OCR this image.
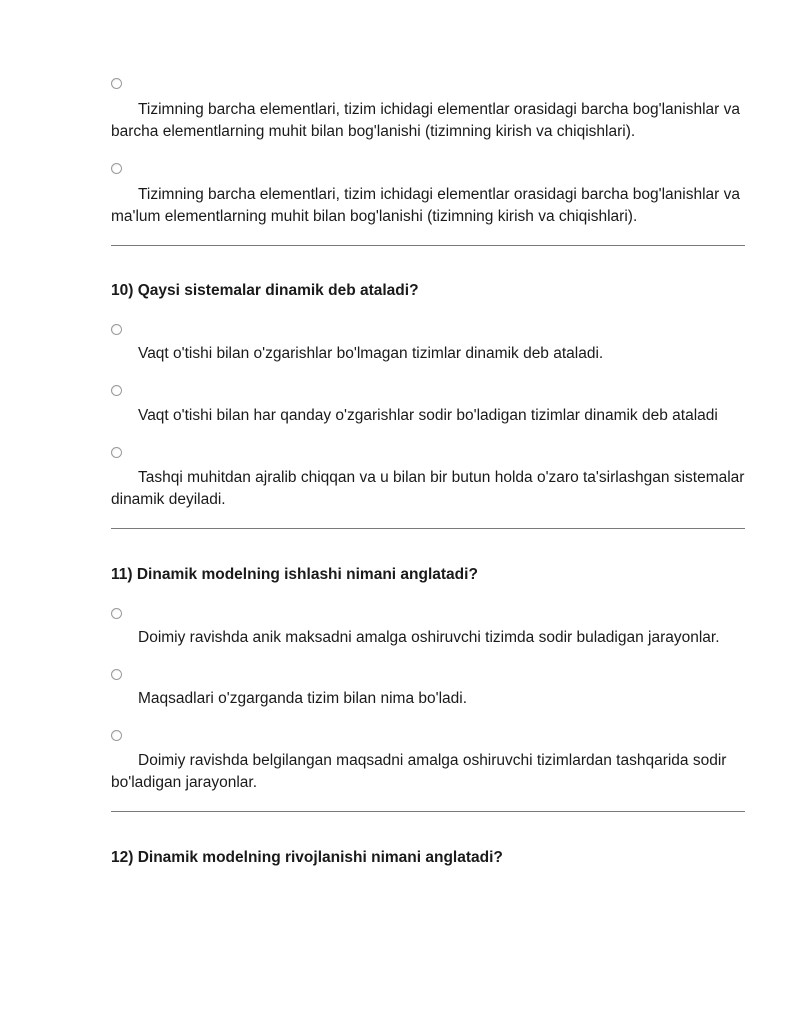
Tizimning barcha elementlari, tizim ichidagi elementlar orasidagi barcha bog'lanishlar va barcha elementlarning muhit bilan bog'lanishi (tizimning kirish va chiqishlari).

Tizimning barcha elementlari, tizim ichidagi elementlar orasidagi barcha bog'lanishlar va ma'lum elementlarning muhit bilan bog'lanishi (tizimning kirish va chiqishlari).

10) Qaysi sistemalar dinamik deb ataladi?

Vaqt o'tishi bilan o'zgarishlar bo'lmagan tizimlar dinamik deb ataladi.

Vaqt o'tishi bilan har qanday o'zgarishlar sodir bo'ladigan tizimlar dinamik deb ataladi

Tashqi muhitdan ajralib chiqqan va u bilan bir butun holda o'zaro ta'sirlashgan sistemalar dinamik deyiladi.

11) Dinamik modelning ishlashi nimani anglatadi?

Doimiy ravishda anik maksadni amalga oshiruvchi tizimda sodir buladigan jarayonlar.

Maqsadlari o'zgarganda tizim bilan nima bo'ladi.

Doimiy ravishda belgilangan maqsadni amalga oshiruvchi tizimlardan tashqarida sodir bo'ladigan jarayonlar.

12) Dinamik modelning rivojlanishi nimani anglatadi?
